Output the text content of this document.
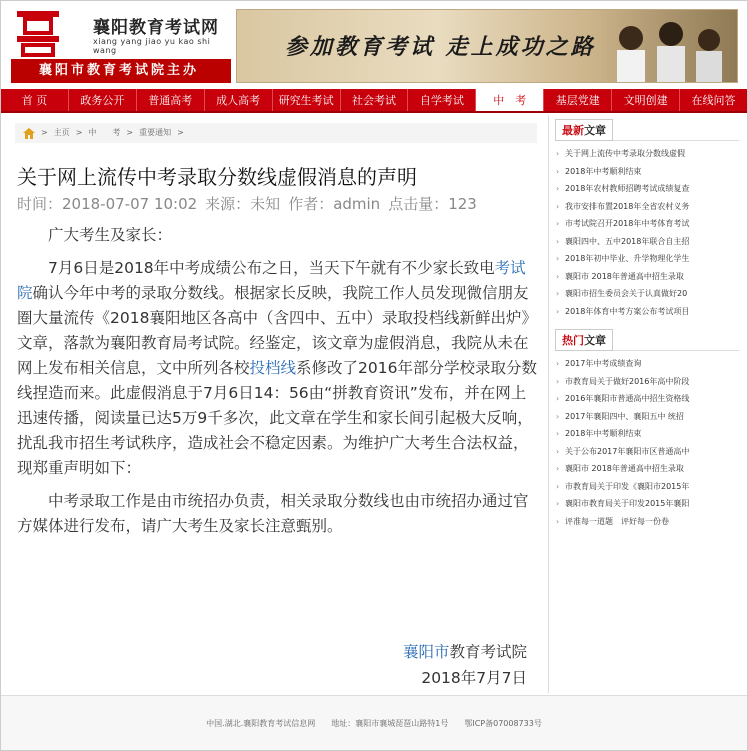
襄阳教育考试网
xiang yang jiao yu kao shi wang
襄阳市教育考试院主办
参加教育考试 走上成功之路
首 页	政务公开	普通高考	成人高考	研究生考试	社会考试	自学考试	中　考	基层党建	文明创建	在线问答
> 主页 > 中　　考 > 重要通知 >
关于网上流传中考录取分数线虚假消息的声明
时间：2018-07-07 10:02 来源：未知 作者：admin 点击量：123

广大考生及家长：

7月6日是2018年中考成绩公布之日，当天下午就有不少家长致电考试院确认今年中考的录取分数线。根据家长反映，我院工作人员发现微信朋友圈大量流传《2018襄阳地区各高中（含四中、五中）录取投档线新鲜出炉》文章，落款为襄阳教育局考试院。经鉴定，该文章为虚假消息，我院从未在网上发布相关信息，文中所列各校投档线系修改了2016年部分学校录取分数线捏造而来。此虚假消息于7月6日14：56由“拼教育资讯”发布，并在网上迅速传播，阅读量已达5万9千多次，此文章在学生和家长间引起极大反响，扰乱我市招生考试秩序，造成社会不稳定因素。为维护广大考生合法权益，现郑重声明如下：

中考录取工作是由市统招办负责，相关录取分数线也由市统招办通过官方媒体进行发布，请广大考生及家长注意甄别。

襄阳市教育考试院
2018年7月7日
最新文章
› 关于网上流传中考录取分数线虚假
› 2018年中考顺利结束
› 2018年农村教师招聘考试成绩复查
› 我市安排布置2018年全省农村义务
› 市考试院召开2018年中考体育考试
› 襄阳四中、五中2018年联合自主招
› 2018年初中毕业、升学物理化学生
› 襄阳市 2018年普通高中招生录取
› 襄阳市招生委员会关于认真做好20
› 2018年体育中考方案公布考试项目
热门文章
› 2017年中考成绩查询
› 市教育局关于做好2016年高中阶段
› 2016年襄阳市普通高中招生资格线
› 2017年襄阳四中、襄阳五中 统招
› 2018年中考顺利结束
› 关于公布2017年襄阳市区普通高中
› 襄阳市 2018年普通高中招生录取
› 市教育局关于印发《襄阳市2015年
› 襄阳市教育局关于印发2015年襄阳
› 评准每一道题　评好每一份卷
中国.湖北.襄阳教育考试信息网 地址：襄阳市襄城琵琶山路特1号 鄂ICP备07008733号
